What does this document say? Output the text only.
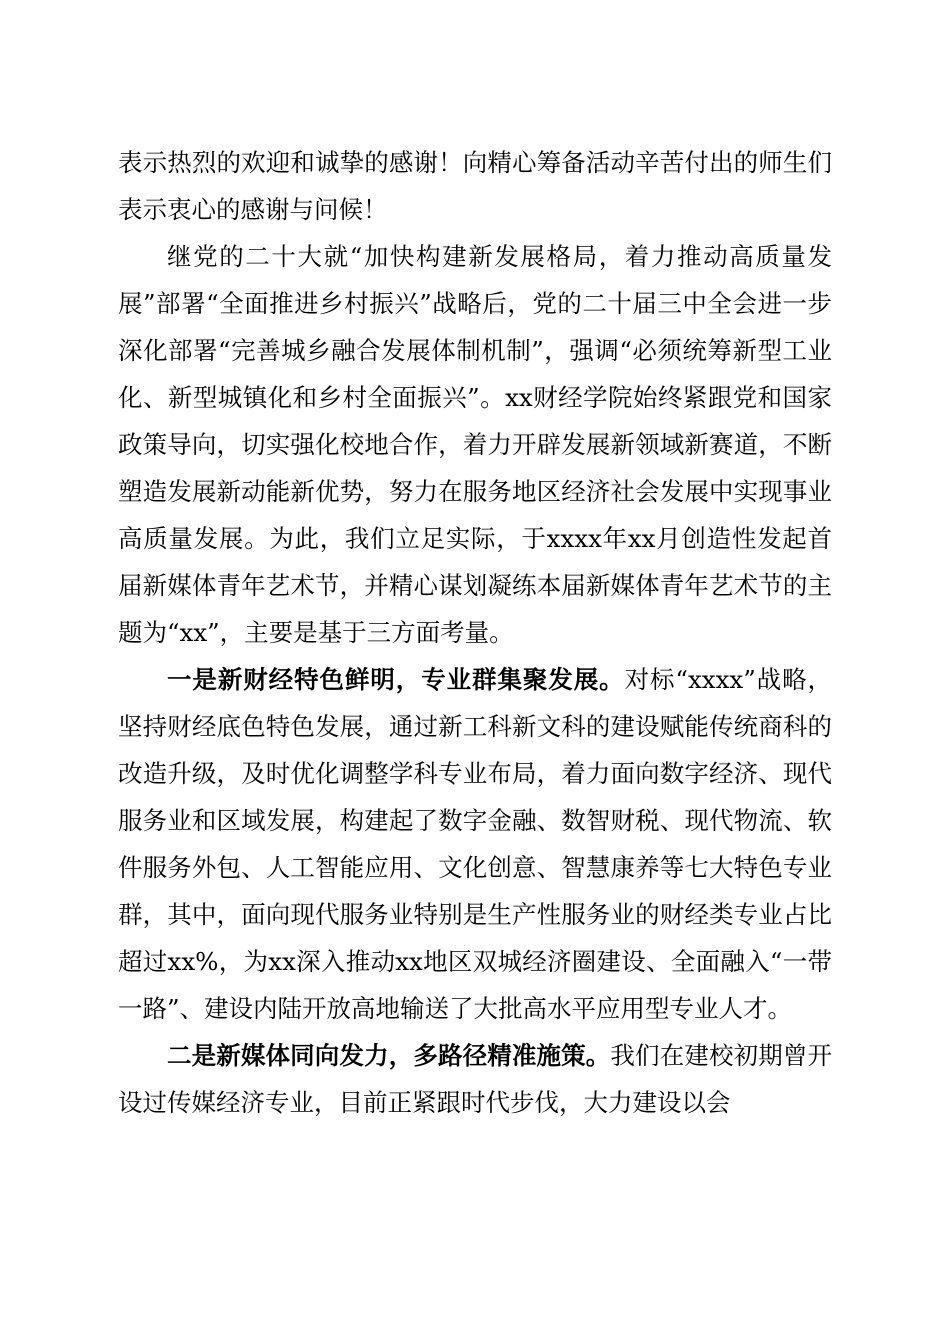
表示热烈的欢迎和诚挚的感谢！向精心筹备活动辛苦付出的师生们表示衷心的感谢与问候！

继党的二十大就“加快构建新发展格局，着力推动高质量发展”部署“全面推进乡村振兴”战略后，党的二十届三中全会进一步深化部署“完善城乡融合发展体制机制”，强调“必须统筹新型工业化、新型城镇化和乡村全面振兴”。xx财经学院始终紧跟党和国家政策导向，切实强化校地合作，着力开辟发展新领域新赛道，不断塑造发展新动能新优势，努力在服务地区经济社会发展中实现事业高质量发展。为此，我们立足实际，于xxxx年xx月创造性发起首届新媒体青年艺术节，并精心谋划凝练本届新媒体青年艺术节的主题为“xx”，主要是基于三方面考量。

一是新财经特色鲜明，专业群集聚发展。对标“xxxx”战略，坚持财经底色特色发展，通过新工科新文科的建设赋能传统商科的改造升级，及时优化调整学科专业布局，着力面向数字经济、现代服务业和区域发展，构建起了数字金融、数智财税、现代物流、软件服务外包、人工智能应用、文化创意、智慧康养等七大特色专业群，其中，面向现代服务业特别是生产性服务业的财经类专业占比超过xx%，为xx深入推动xx地区双城经济圈建设、全面融入“一带一路”、建设内陆开放高地输送了大批高水平应用型专业人才。

二是新媒体同向发力，多路径精准施策。我们在建校初期曾开设过传媒经济专业，目前正紧跟时代步伐，大力建设以会
